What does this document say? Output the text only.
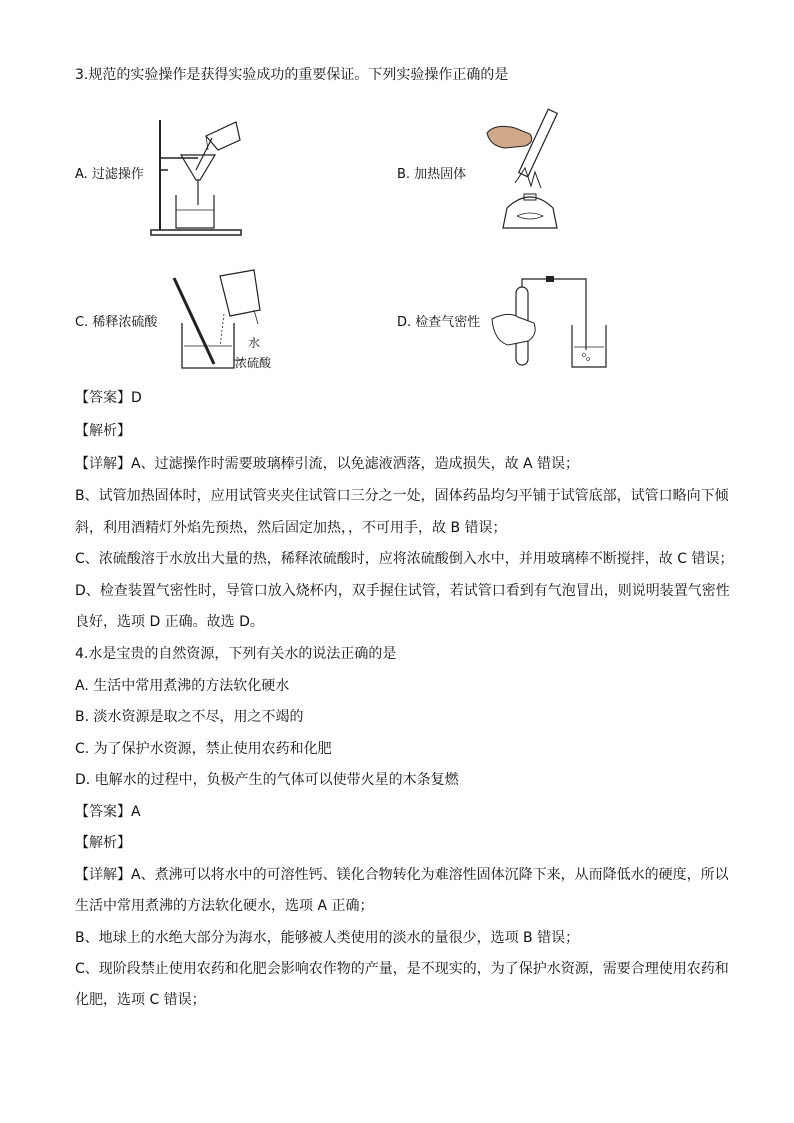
3.规范的实验操作是获得实验成功的重要保证。下列实验操作正确的是
A. 过滤操作	B. 加热固体
C. 稀释浓硫酸
水
浓硫酸
D. 检查气密性
【答案】D
【解析】
【详解】A、过滤操作时需要玻璃棒引流，以免滤液洒落，造成损失，故 A 错误；
B、试管加热固体时，应用试管夹夹住试管口三分之一处，固体药品均匀平铺于试管底部，试管口略向下倾
斜，利用酒精灯外焰先预热，然后固定加热，，不可用手，故 B 错误；
C、浓硫酸溶于水放出大量的热，稀释浓硫酸时，应将浓硫酸倒入水中，并用玻璃棒不断搅拌，故 C 错误；
D、检查装置气密性时，导管口放入烧杯内，双手握住试管，若试管口看到有气泡冒出，则说明装置气密性
良好，选项 D 正确。故选 D。
4.水是宝贵的自然资源，下列有关水的说法正确的是
A. 生活中常用煮沸的方法软化硬水
B. 淡水资源是取之不尽，用之不竭的
C. 为了保护水资源，禁止使用农药和化肥
D. 电解水的过程中，负极产生的气体可以使带火星的木条复燃
【答案】A
【解析】
【详解】A、煮沸可以将水中的可溶性钙、镁化合物转化为难溶性固体沉降下来，从而降低水的硬度，所以
生活中常用煮沸的方法软化硬水，选项 A 正确；
B、地球上的水绝大部分为海水，能够被人类使用的淡水的量很少，选项 B 错误；
C、现阶段禁止使用农药和化肥会影响农作物的产量，是不现实的，为了保护水资源，需要合理使用农药和
化肥，选项 C 错误；
